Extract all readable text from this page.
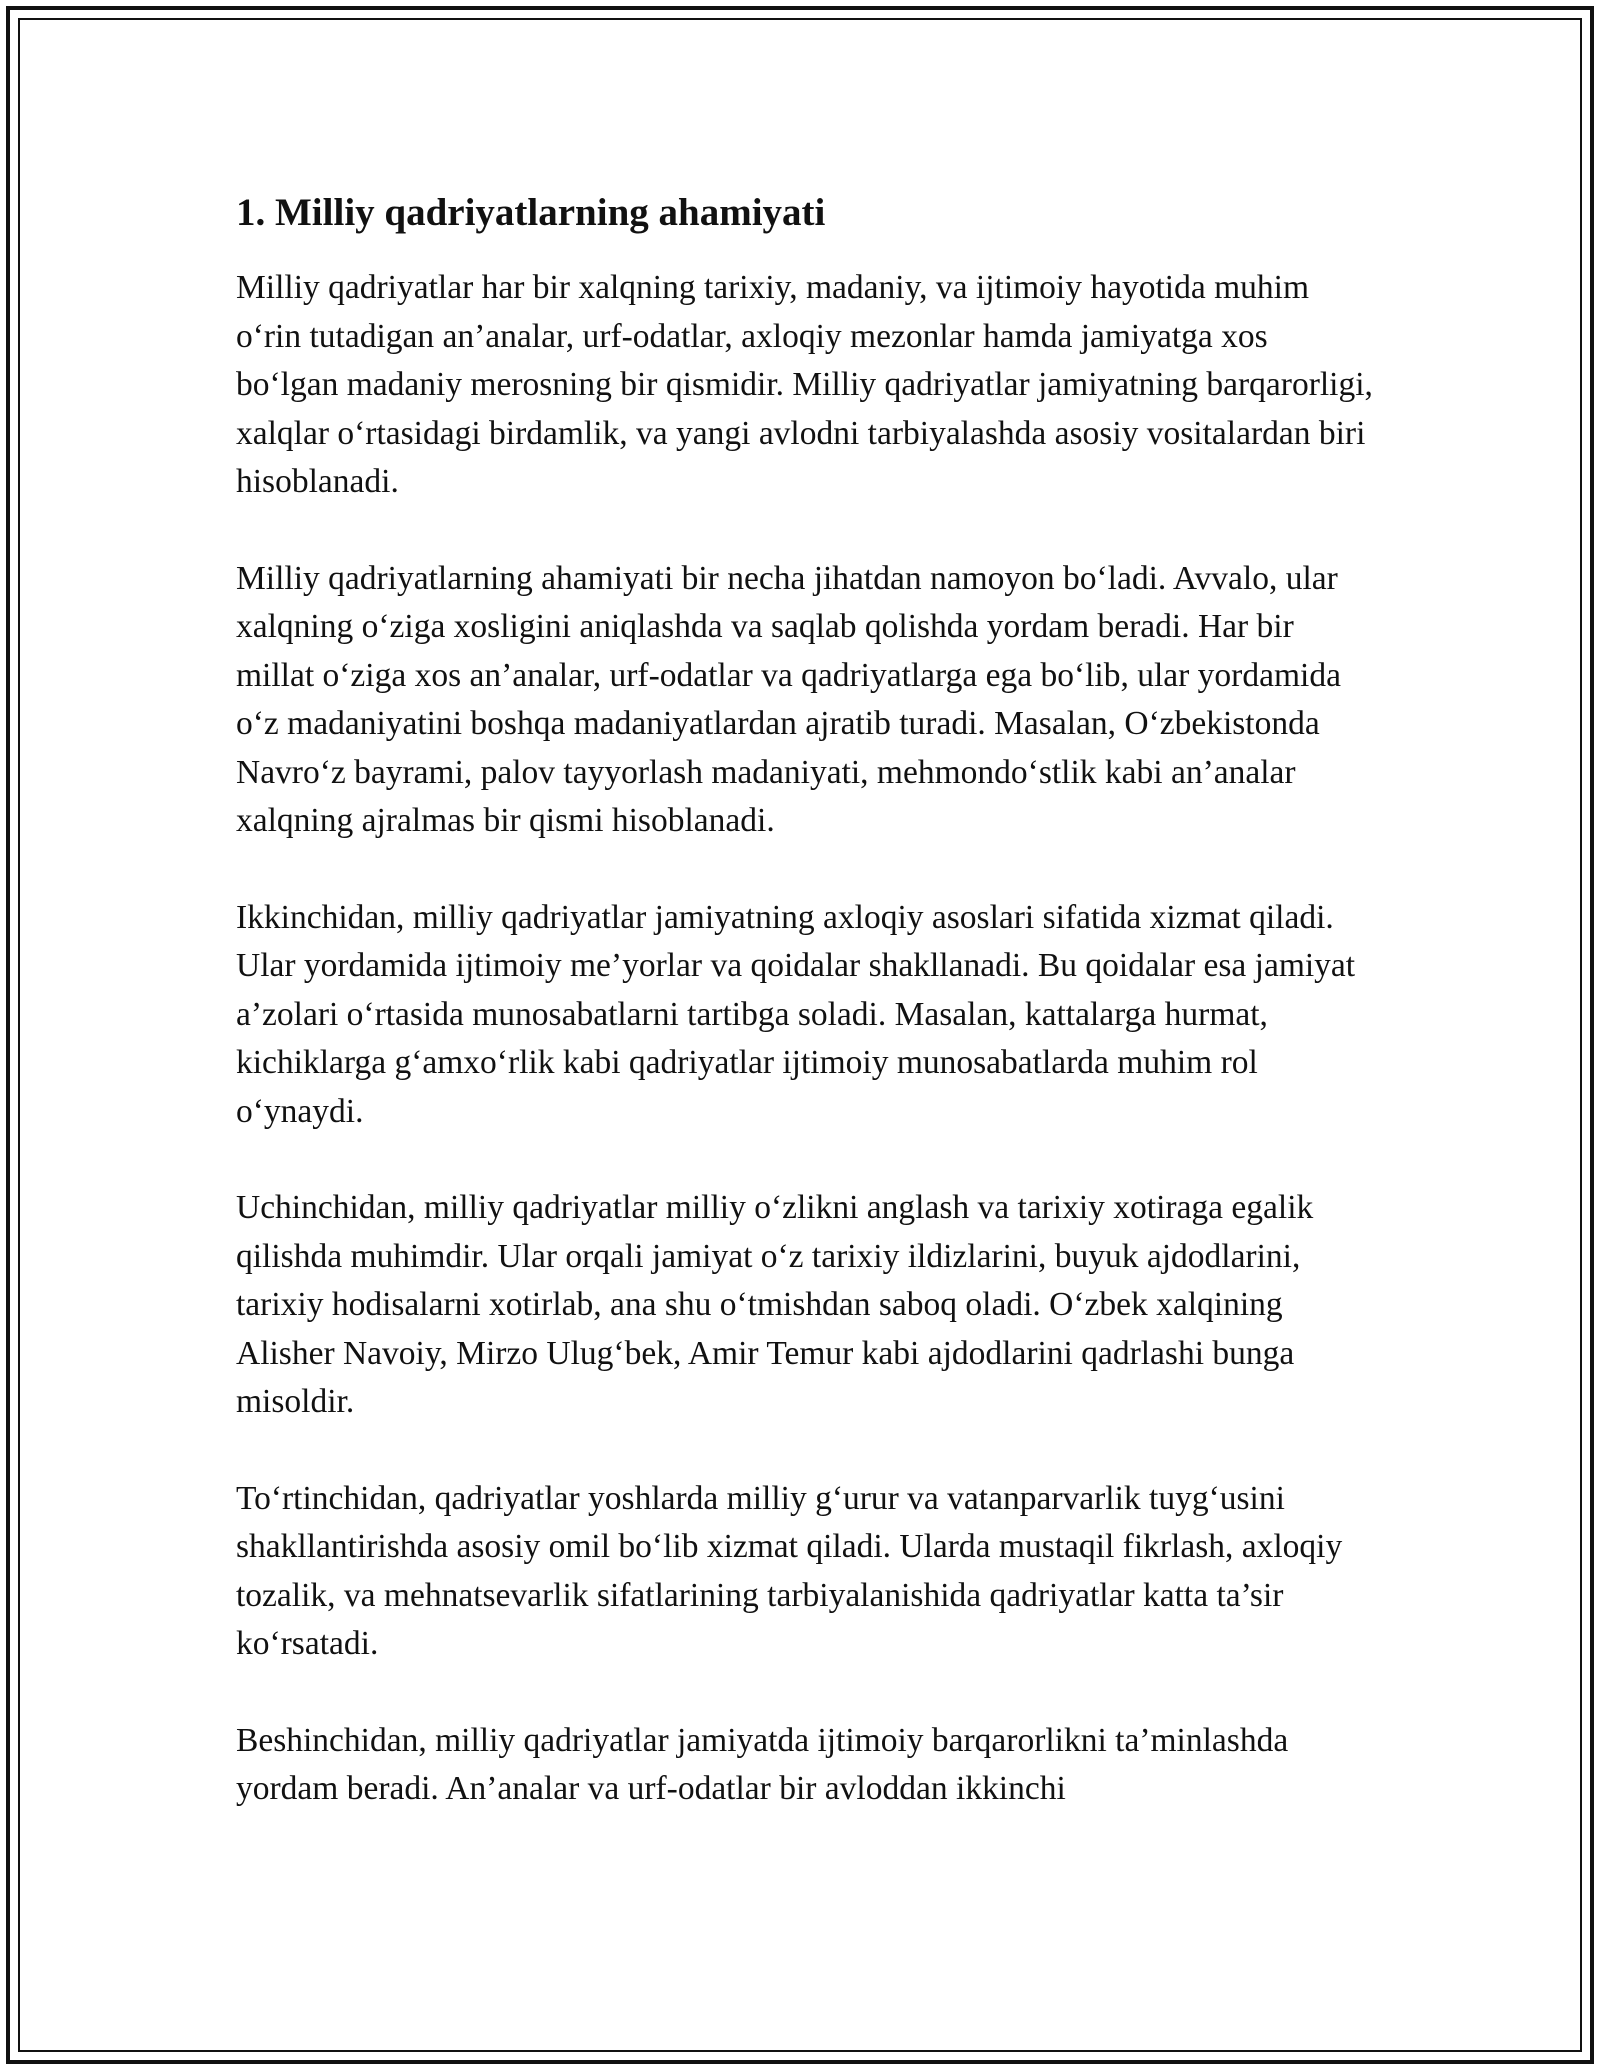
1. Milliy qadriyatlarning ahamiyati

Milliy qadriyatlar har bir xalqning tarixiy, madaniy, va ijtimoiy hayotida muhim o‘rin tutadigan an’analar, urf-odatlar, axloqiy mezonlar hamda jamiyatga xos bo‘lgan madaniy merosning bir qismidir. Milliy qadriyatlar jamiyatning barqarorligi, xalqlar o‘rtasidagi birdamlik, va yangi avlodni tarbiyalashda asosiy vositalardan biri hisoblanadi.

Milliy qadriyatlarning ahamiyati bir necha jihatdan namoyon bo‘ladi. Avvalo, ular xalqning o‘ziga xosligini aniqlashda va saqlab qolishda yordam beradi. Har bir millat o‘ziga xos an’analar, urf-odatlar va qadriyatlarga ega bo‘lib, ular yordamida o‘z madaniyatini boshqa madaniyatlardan ajratib turadi. Masalan, O‘zbekistonda Navro‘z bayrami, palov tayyorlash madaniyati, mehmondo‘stlik kabi an’analar xalqning ajralmas bir qismi hisoblanadi.

Ikkinchidan, milliy qadriyatlar jamiyatning axloqiy asoslari sifatida xizmat qiladi. Ular yordamida ijtimoiy me’yorlar va qoidalar shakllanadi. Bu qoidalar esa jamiyat a’zolari o‘rtasida munosabatlarni tartibga soladi. Masalan, kattalarga hurmat, kichiklarga g‘amxo‘rlik kabi qadriyatlar ijtimoiy munosabatlarda muhim rol o‘ynaydi.

Uchinchidan, milliy qadriyatlar milliy o‘zlikni anglash va tarixiy xotiraga egalik qilishda muhimdir. Ular orqali jamiyat o‘z tarixiy ildizlarini, buyuk ajdodlarini, tarixiy hodisalarni xotirlab, ana shu o‘tmishdan saboq oladi. O‘zbek xalqining Alisher Navoiy, Mirzo Ulug‘bek, Amir Temur kabi ajdodlarini qadrlashi bunga misoldir.

To‘rtinchidan, qadriyatlar yoshlarda milliy g‘urur va vatanparvarlik tuyg‘usini shakllantirishda asosiy omil bo‘lib xizmat qiladi. Ularda mustaqil fikrlash, axloqiy tozalik, va mehnatsevarlik sifatlarining tarbiyalanishida qadriyatlar katta ta’sir ko‘rsatadi.

Beshinchidan, milliy qadriyatlar jamiyatda ijtimoiy barqarorlikni ta’minlashda yordam beradi. An’analar va urf-odatlar bir avloddan ikkinchi
